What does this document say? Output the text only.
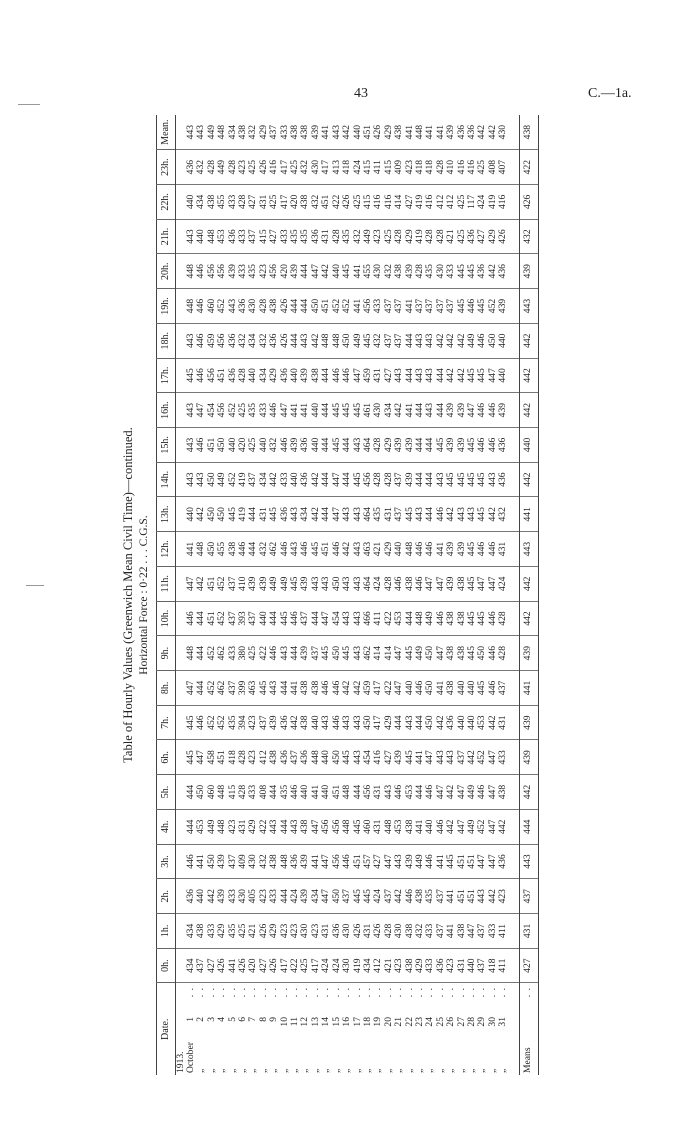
43	C.—1a.
Table of Hourly Values (Greenwich Mean Civil Time)—continued. Horizontal Force : 0·22 . . . C.G.S.
Date.	0h.	1h.	2h.	3h.	4h.	5h.	6h.	7h.	8h.	9h.	10h.	11h.	12h.	13h.	14h.	15h.	16h.	17h.	18h.	19h.	20h.	21h.	22h.	23h.	Mean.
1913.																									
October1. .	434	434	436	446	444	444	445	445	447	448	446	447	441	440	443	443	443	445	443	448	448	443	440	436	443
„2. .	437	438	440	441	453	450	447	446	444	444	444	442	448	442	443	446	447	446	446	446	446	440	434	432	443
„3. .	427	433	442	450	449	460	458	452	452	452	451	451	450	450	450	451	454	456	459	460	456	448	438	428	449
„4. .	426	429	439	439	448	448	451	452	462	462	452	452	455	450	449	450	456	451	456	452	456	453	455	449	448
„5. .	441	435	433	437	423	415	418	435	437	433	437	437	438	445	452	440	452	436	436	443	439	436	433	428	434
„6. .	426	425	430	409	431	428	428	394	399	380	393	410	446	419	419	420	425	428	432	436	433	433	428	423	438
„7. .	420	421	405	430	429	433	423	423	463	425	437	439	444	444	437	425	435	440	434	430	435	437	427	425	432
„8. .	427	426	423	432	422	408	412	437	445	422	440	439	432	431	434	440	433	434	432	428	423	415	431	426	429
„9. .	426	429	433	438	443	444	438	439	443	446	444	449	462	445	442	432	446	429	436	438	456	427	425	416	437
„10. .	417	423	444	448	444	435	436	436	444	443	445	449	446	436	433	446	447	436	426	426	420	433	417	417	433
„11. .	422	423	424	436	443	446	437	442	441	444	446	445	443	443	440	439	441	440	444	444	439	435	420	425	438
„12. .	425	430	439	439	438	440	436	438	438	439	437	439	446	434	436	436	441	439	443	444	444	435	438	432	438
„13. .	417	423	434	441	447	441	448	440	438	437	444	443	445	442	442	440	440	438	442	450	447	436	432	430	439
„14. .	424	431	447	447	456	440	440	443	446	445	447	443	451	444	444	444	444	444	448	451	442	431	451	417	441
„15. .	424	436	450	456	456	451	450	446	446	450	454	450	446	447	447	445	445	446	448	452	440	428	422	413	443
„16. .	430	430	437	446	448	448	445	443	442	445	443	443	442	443	444	444	445	446	450	452	445	435	426	418	442
„17. .	419	426	445	451	445	444	443	443	442	443	443	443	443	443	445	443	445	447	449	441	441	432	425	424	440
„18. .	434	431	445	457	460	456	454	450	459	462	466	464	463	464	456	464	461	459	445	456	455	449	415	415	451
„19. .	412	426	424	427	431	431	416	417	417	414	411	424	421	435	428	428	430	431	432	433	430	423	416	411	426
„20. .	421	428	437	447	448	443	427	429	422	414	422	428	429	431	428	429	434	427	437	437	432	425	416	415	429
„21. .	423	430	442	443	453	446	439	444	447	447	453	446	440	437	437	439	442	443	437	437	438	428	414	409	438
„22. .	438	438	446	439	438	453	445	443	440	445	444	438	448	445	439	439	441	444	444	441	439	429	427	423	441
„23. .	429	432	438	449	441	444	441	444	446	449	448	446	446	443	444	444	444	443	443	437	428	419	419	418	448
„24. .	433	433	435	446	440	446	447	450	450	450	449	447	446	444	444	444	443	443	443	437	435	428	416	418	441
„25. .	436	437	437	441	446	447	443	442	441	447	446	447	441	446	443	445	444	444	442	437	430	428	412	428	441
„26. .	423	441	441	445	442	442	443	436	438	438	438	439	439	442	445	439	439	442	442	437	433	421	412	410	439
„27. .	431	438	451	451	447	447	437	440	440	438	438	438	439	443	445	439	439	442	442	445	445	425	425	416	436
„28. .	440	447	451	451	449	449	442	440	440	445	445	445	445	443	445	445	447	445	449	446	445	436	117	416	436
„29. .	437	437	443	447	452	446	452	453	445	450	445	447	446	445	445	446	446	445	446	445	436	427	424	425	442
„30. .	418	433	442	447	447	447	447	442	446	446	446	447	446	442	443	446	446	447	450	452	442	429	419	408	442
„31. .	411	411	423	436	442	438	433	431	437	428	428	424	431	432	436	436	439	440	440	439	436	426	416	407	430

Means. .	427	431	437	443	444	442	439	439	441	439	442	442	443	441	442	440	442	442	442	443	439	432	426	422	438
